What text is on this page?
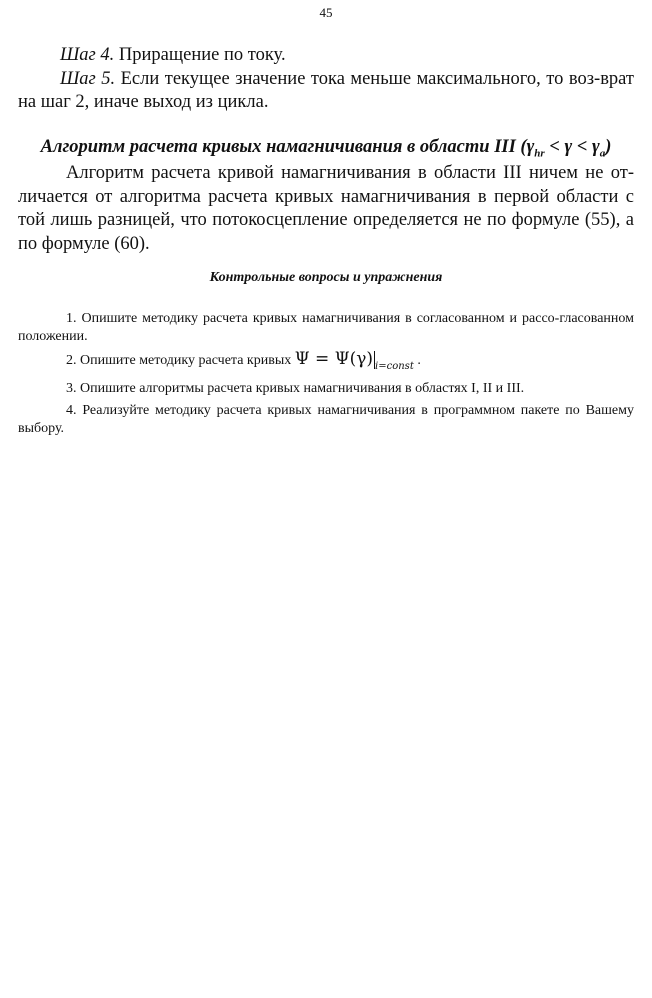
45

Шаг 4. Приращение по току.

Шаг 5. Если текущее значение тока меньше максимального, то воз-врат на шаг 2, иначе выход из цикла.

Алгоритм расчета кривых намагничивания в области III $(\gamma_{hr} < \gamma < \gamma_a)$

Алгоритм расчета кривой намагничивания в области III ничем не от-личается от алгоритма расчета кривых намагничивания в первой области с той лишь разницей, что потокосцепление определяется не по формуле (55), а по формуле (60).

Контрольные вопросы и упражнения

1. Опишите методику расчета кривых намагничивания в согласованном и рассо-гласованном положении.

2. Опишите методику расчета кривых Ψ = Ψ(γ) $_{i=const}$ .

3. Опишите алгоритмы расчета кривых намагничивания в областях I, II и III.

4. Реализуйте методику расчета кривых намагничивания в программном пакете по Вашему выбору.
